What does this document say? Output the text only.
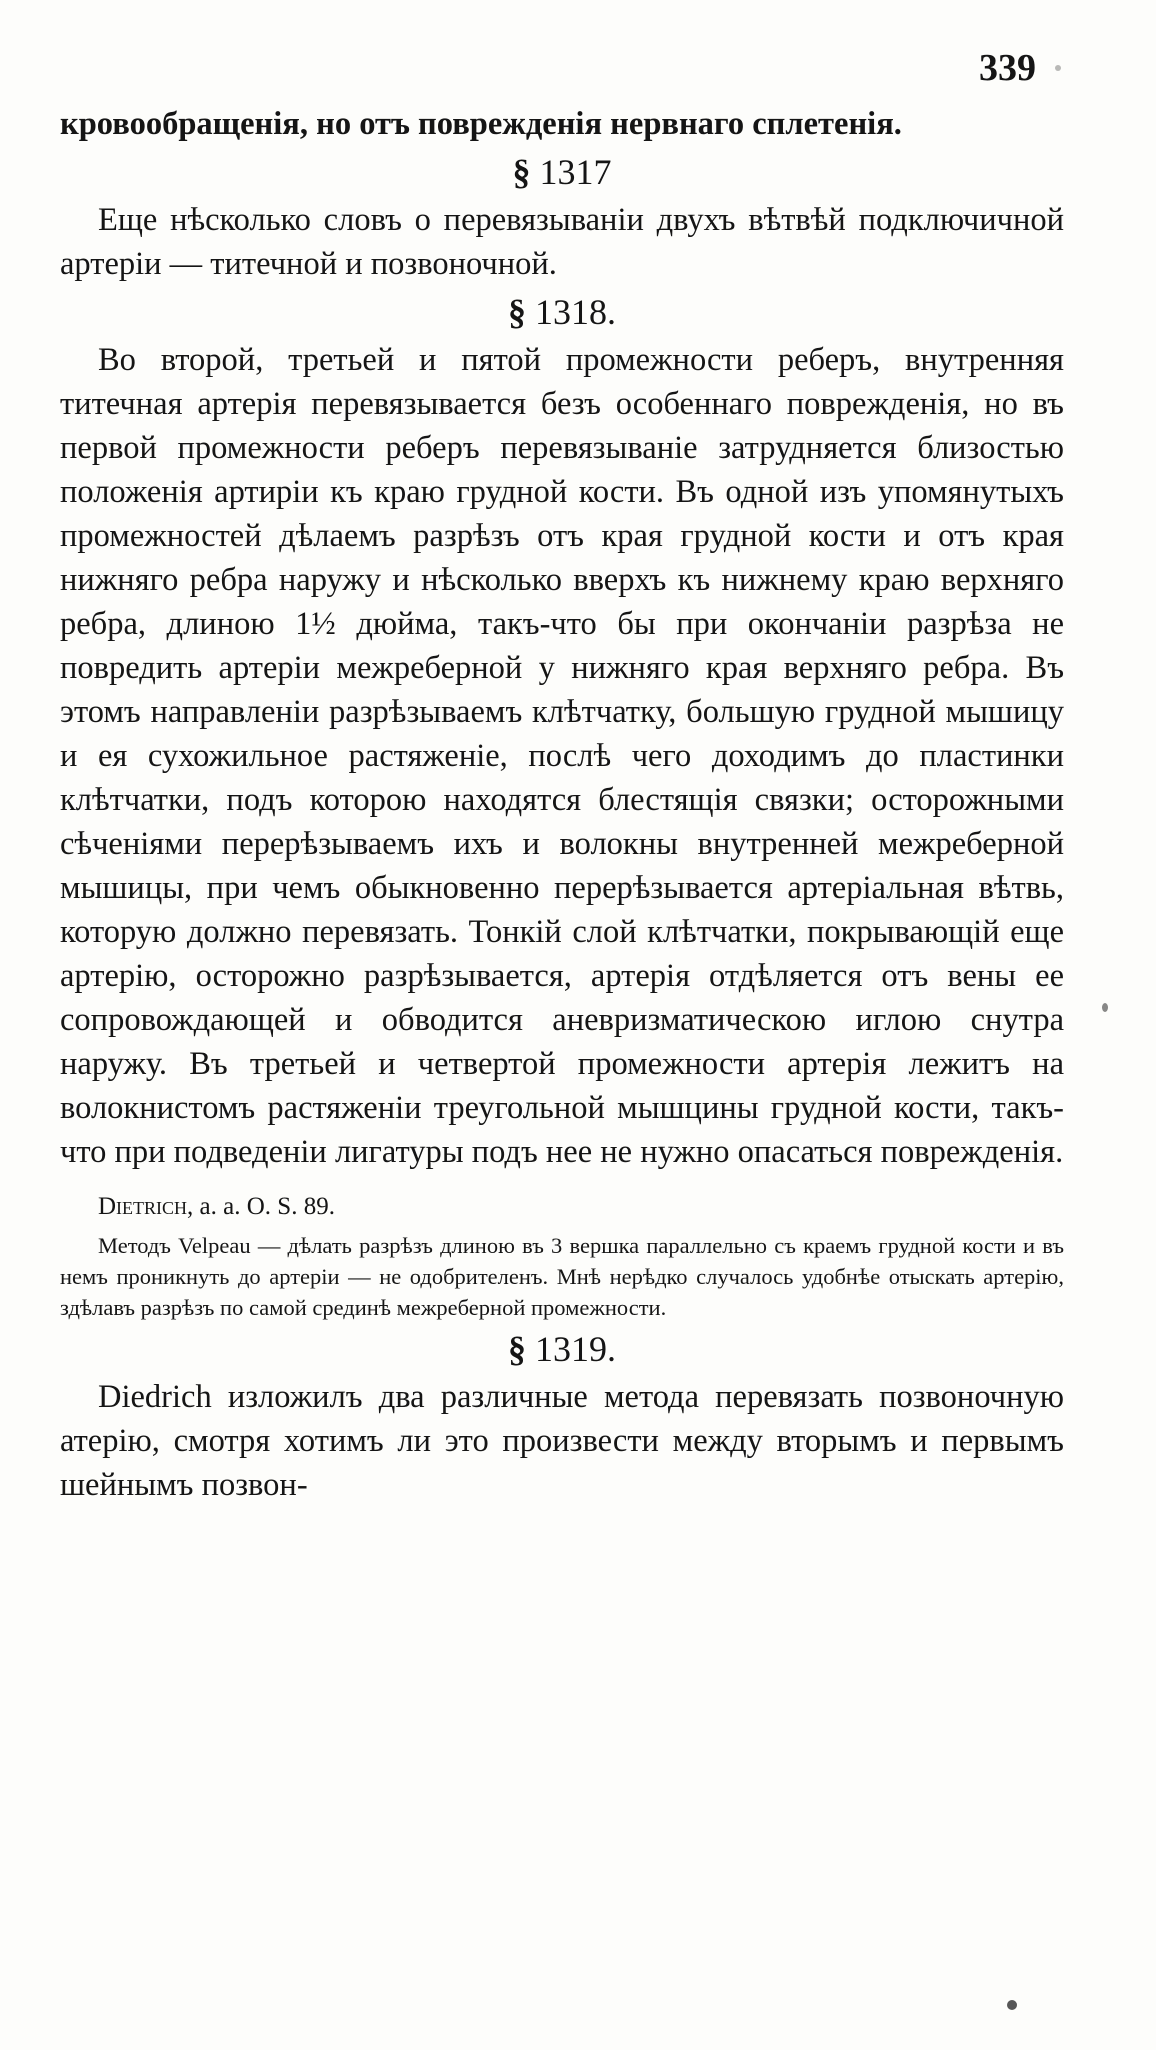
339

кровообращенія, но отъ поврежденія нервнаго сплетенія.

§ 1317

Еще нѣсколько словъ о перевязываніи двухъ вѣтвѣй подключичной артеріи — титечной и позвоночной.

§ 1318.

Во второй, третьей и пятой промежности реберъ, внутренняя титечная артерія перевязывается безъ особеннаго поврежденія, но въ первой промежности реберъ перевязываніе затрудняется близостью положенія артиріи къ краю грудной кости. Въ одной изъ упомянутыхъ промежностей дѣлаемъ разрѣзъ отъ края грудной кости и отъ края нижняго ребра наружу и нѣсколько вверхъ къ нижнему краю верхняго ребра, длиною 1½ дюйма, такъ-что бы при окончаніи разрѣза не повредить артеріи межреберной у нижняго края верхняго ребра. Въ этомъ направленіи разрѣзываемъ клѣтчатку, большую грудной мышицу и ея сухожильное растяженіе, послѣ чего доходимъ до пластинки клѣтчатки, подъ которою находятся блестящія связки; осторожными сѣченіями перерѣзываемъ ихъ и волокны внутренней межреберной мышицы, при чемъ обыкновенно перерѣзывается артеріальная вѣтвь, которую должно перевязать. Тонкій слой клѣтчатки, покрывающій еще артерію, осторожно разрѣзывается, артерія отдѣляется отъ вены ее сопровождающей и обводится аневризматическою иглою снутра наружу. Въ третьей и четвертой промежности артерія лежитъ на волокнистомъ растяженіи треугольной мышцины грудной кости, такъ-что при подведеніи лигатуры подъ нее не нужно опасаться поврежденія.

Dietrich, a. a. O. S. 89.

Методъ Velpeau — дѣлать разрѣзъ длиною въ 3 вершка параллельно съ краемъ грудной кости и въ немъ проникнуть до артеріи — не одобрителенъ. Мнѣ нерѣдко случалось удобнѣе отыскать артерію, здѣлавъ разрѣзъ по самой срединѣ межреберной промежности.

§ 1319.

Diedrich изложилъ два различные метода перевязать позвоночную атерію, смотря хотимъ ли это произвести между вторымъ и первымъ шейнымъ позвон-
